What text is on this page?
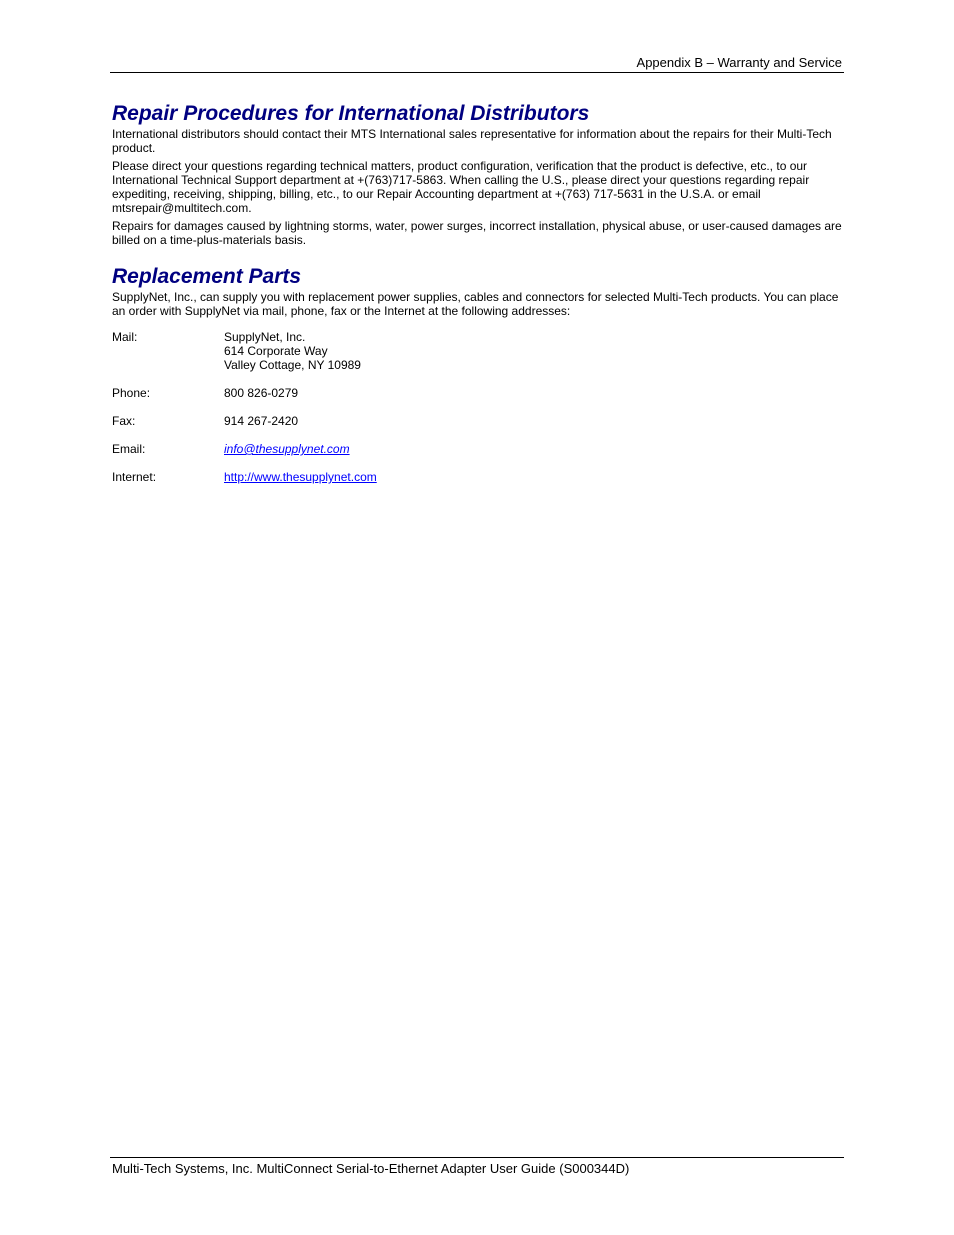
Appendix B – Warranty and Service
Repair Procedures for International Distributors

International distributors should contact their MTS International sales representative for information about the repairs for their Multi-Tech product.

Please direct your questions regarding technical matters, product configuration, verification that the product is defective, etc., to our International Technical Support department at +(763)717-5863. When calling the U.S., please direct your questions regarding repair expediting, receiving, shipping, billing, etc., to our Repair Accounting department at +(763) 717-5631 in the U.S.A. or email mtsrepair@multitech.com.

Repairs for damages caused by lightning storms, water, power surges, incorrect installation, physical abuse, or user-caused damages are billed on a time-plus-materials basis.

Replacement Parts

SupplyNet, Inc., can supply you with replacement power supplies, cables and connectors for selected Multi-Tech products. You can place an order with SupplyNet via mail, phone, fax or the Internet at the following addresses:

Mail:	SupplyNet, Inc.
614 Corporate Way
Valley Cottage, NY 10989
Phone:	800 826-0279
Fax:	914 267-2420
Email:	info@thesupplynet.com
Internet:	http://www.thesupplynet.com
Multi-Tech Systems, Inc. MultiConnect Serial-to-Ethernet Adapter User Guide (S000344D)
